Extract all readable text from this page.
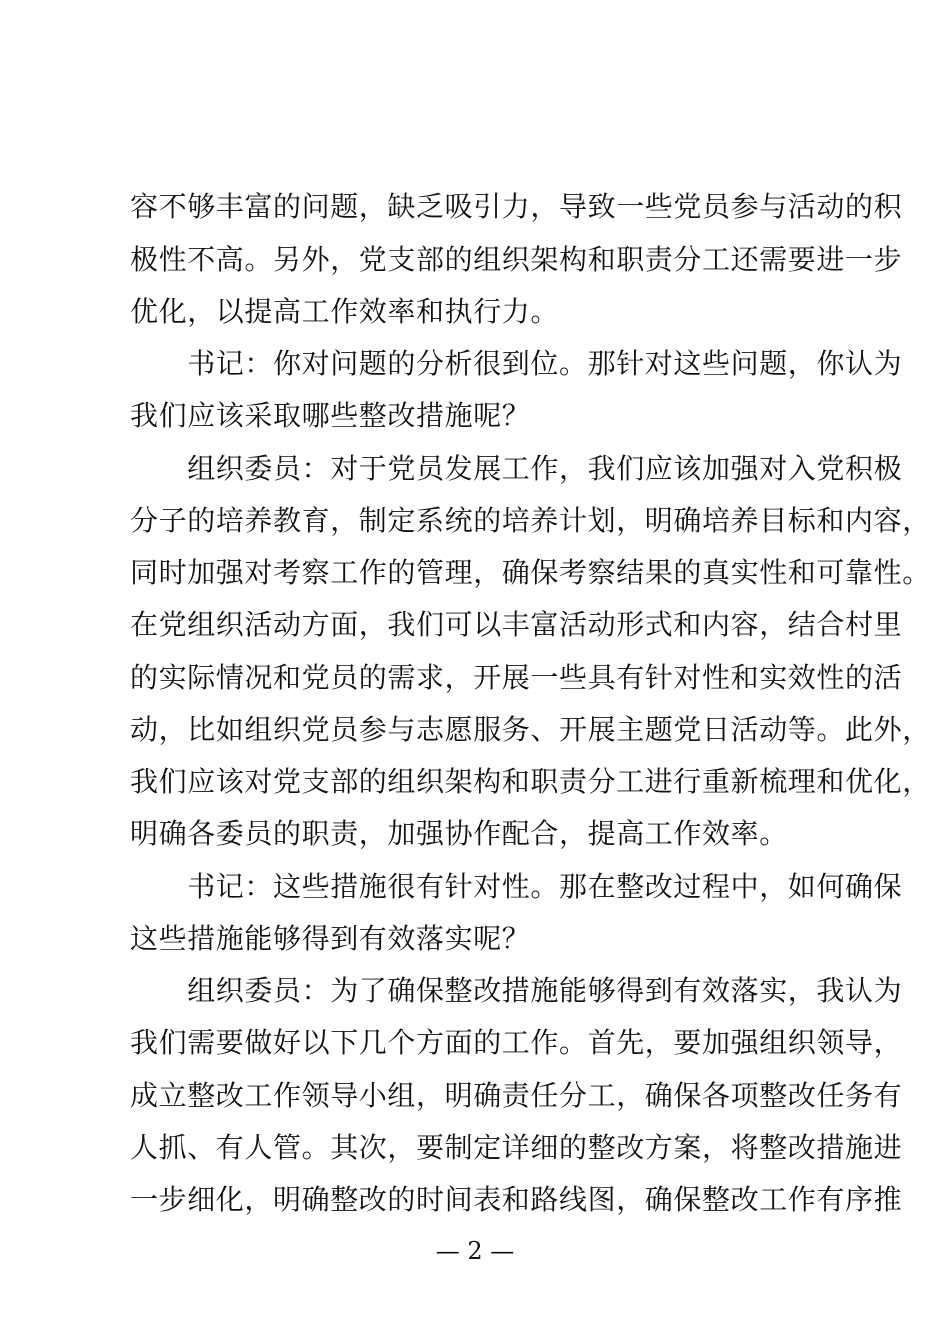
容不够丰富的问题，缺乏吸引力，导致一些党员参与活动的积
极性不高。另外，党支部的组织架构和职责分工还需要进一步
优化，以提高工作效率和执行力。
　　书记：你对问题的分析很到位。那针对这些问题，你认为
我们应该采取哪些整改措施呢？
　　组织委员：对于党员发展工作，我们应该加强对入党积极
分子的培养教育，制定系统的培养计划，明确培养目标和内容，
同时加强对考察工作的管理，确保考察结果的真实性和可靠性。
在党组织活动方面，我们可以丰富活动形式和内容，结合村里
的实际情况和党员的需求，开展一些具有针对性和实效性的活
动，比如组织党员参与志愿服务、开展主题党日活动等。此外，
我们应该对党支部的组织架构和职责分工进行重新梳理和优化，
明确各委员的职责，加强协作配合，提高工作效率。
　　书记：这些措施很有针对性。那在整改过程中，如何确保
这些措施能够得到有效落实呢？
　　组织委员：为了确保整改措施能够得到有效落实，我认为
我们需要做好以下几个方面的工作。首先，要加强组织领导，
成立整改工作领导小组，明确责任分工，确保各项整改任务有
人抓、有人管。其次，要制定详细的整改方案，将整改措施进
一步细化，明确整改的时间表和路线图，确保整改工作有序推
— 2 —
